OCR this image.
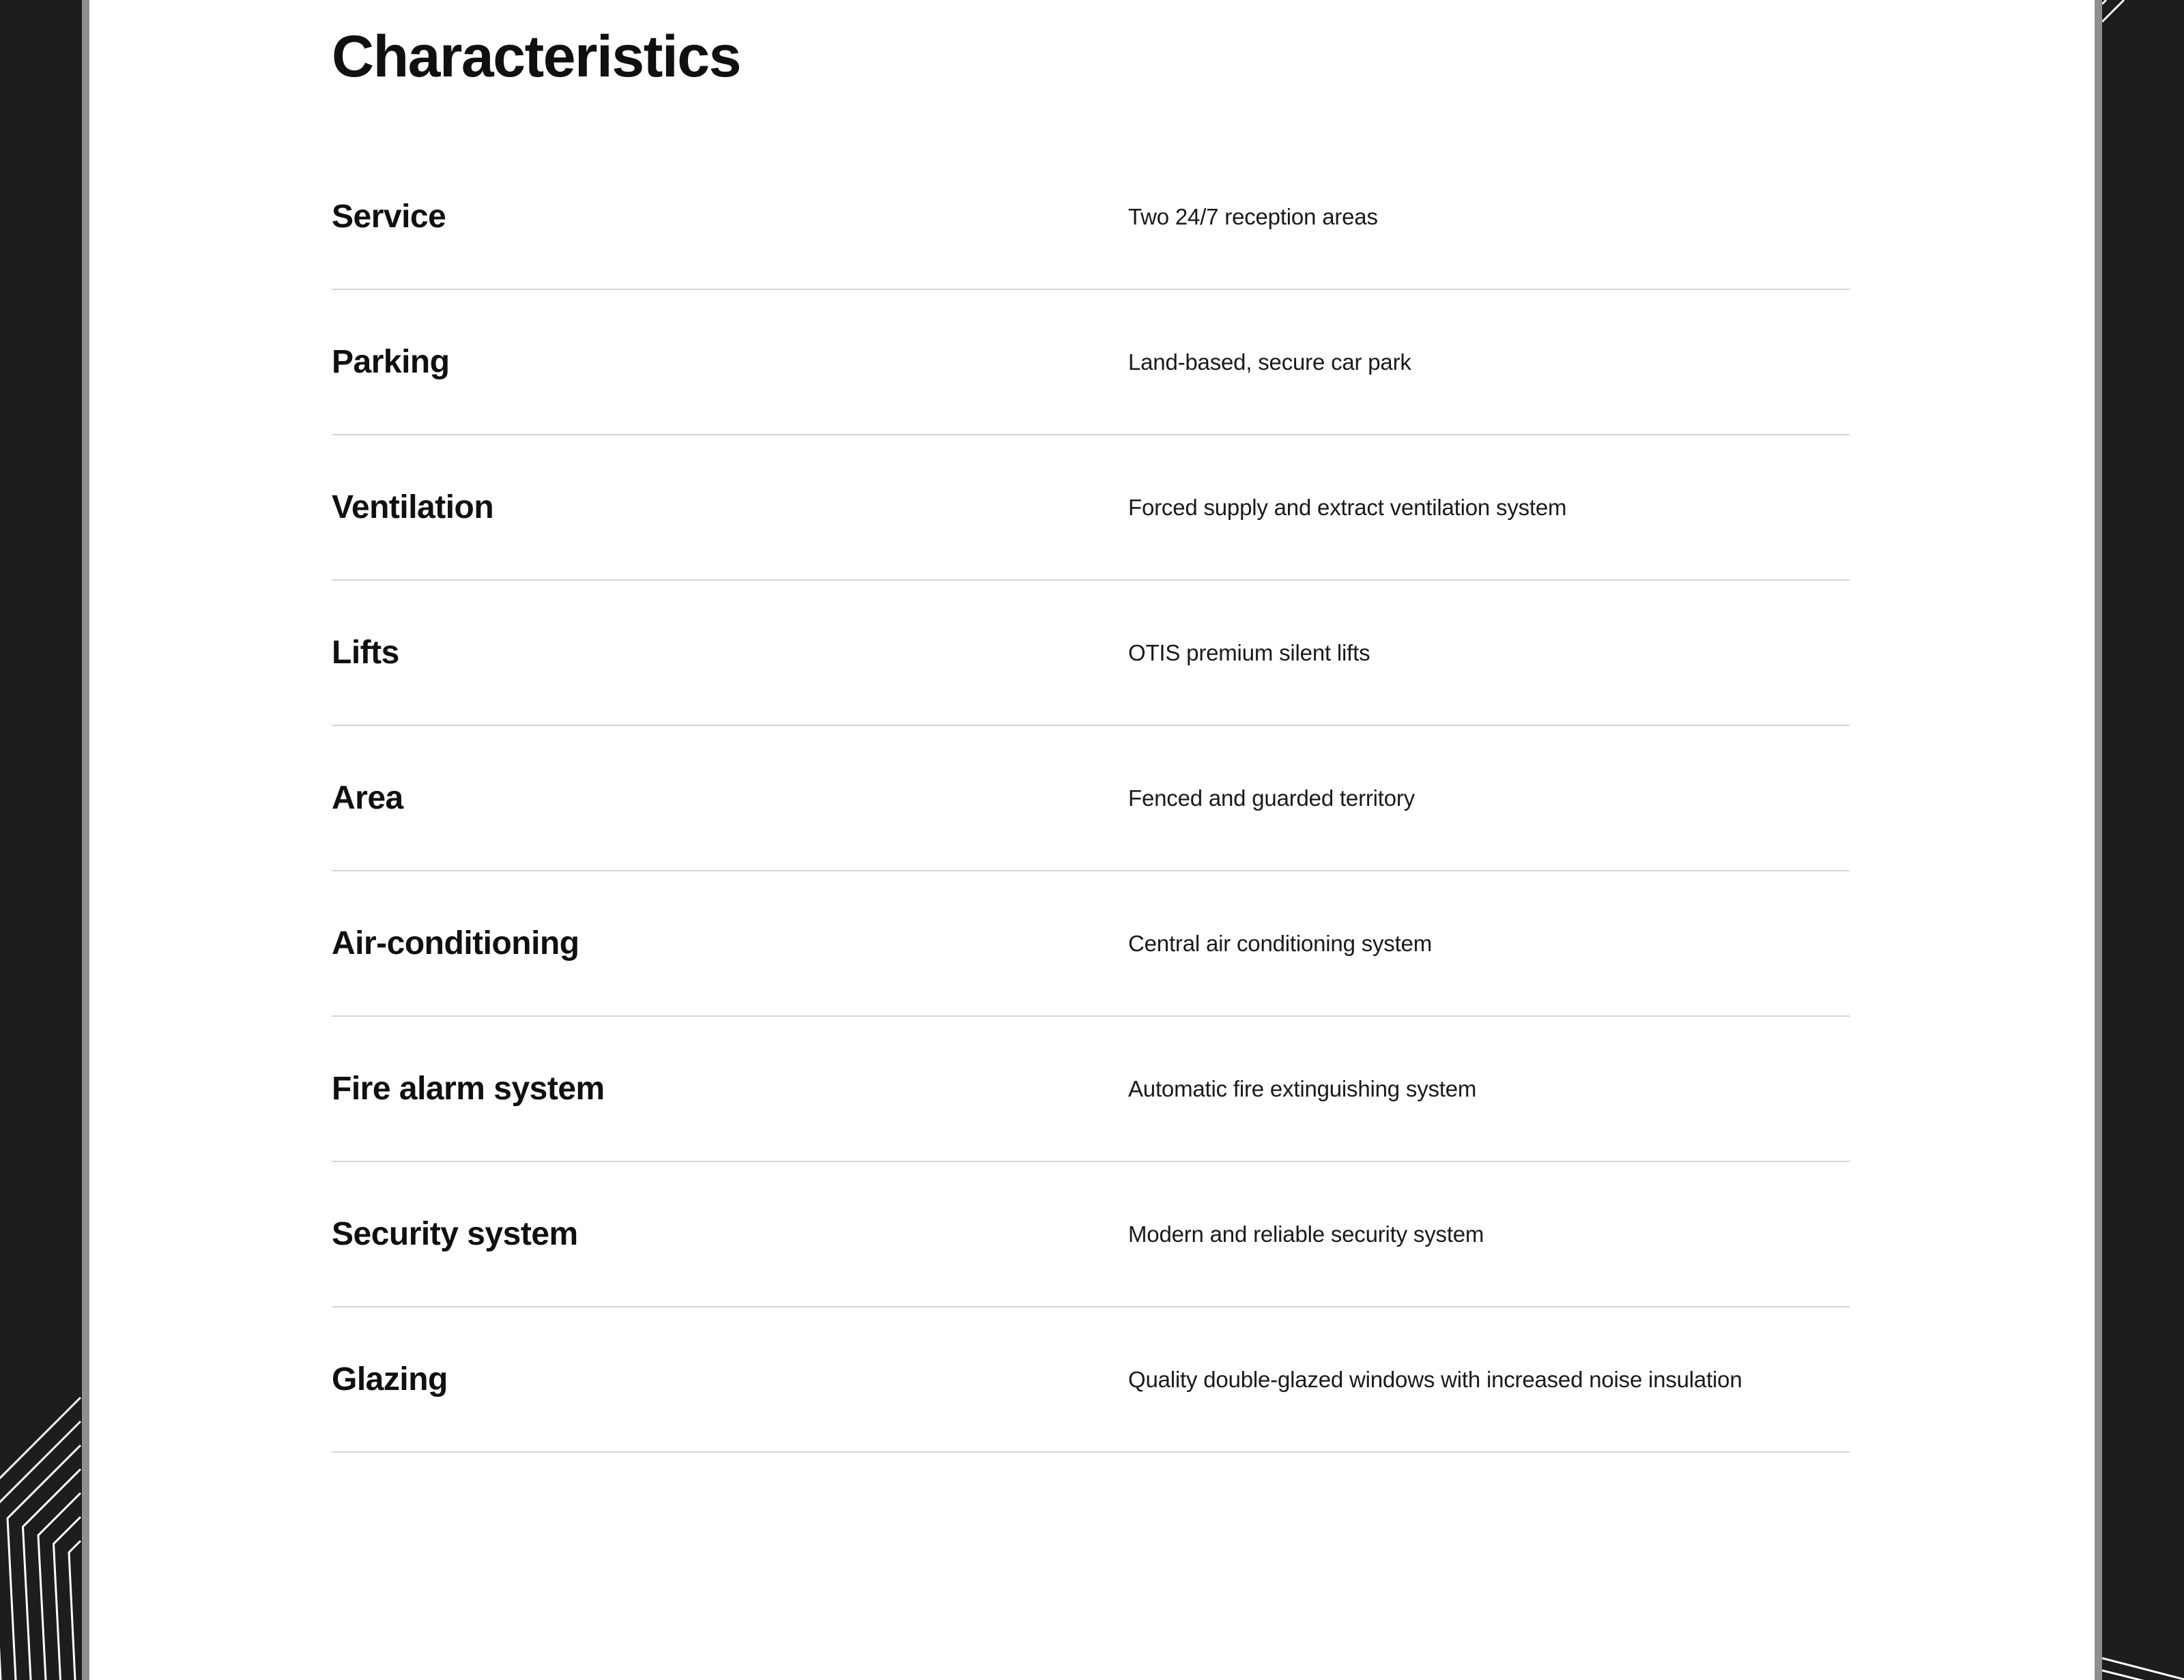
Characteristics
Service	Two 24/7 reception areas
Parking	Land-based, secure car park
Ventilation	Forced supply and extract ventilation system
Lifts	OTIS premium silent lifts
Area	Fenced and guarded territory
Air-conditioning	Central air conditioning system
Fire alarm system	Automatic fire extinguishing system
Security system	Modern and reliable security system
Glazing	Quality double-glazed windows with increased noise insulation
